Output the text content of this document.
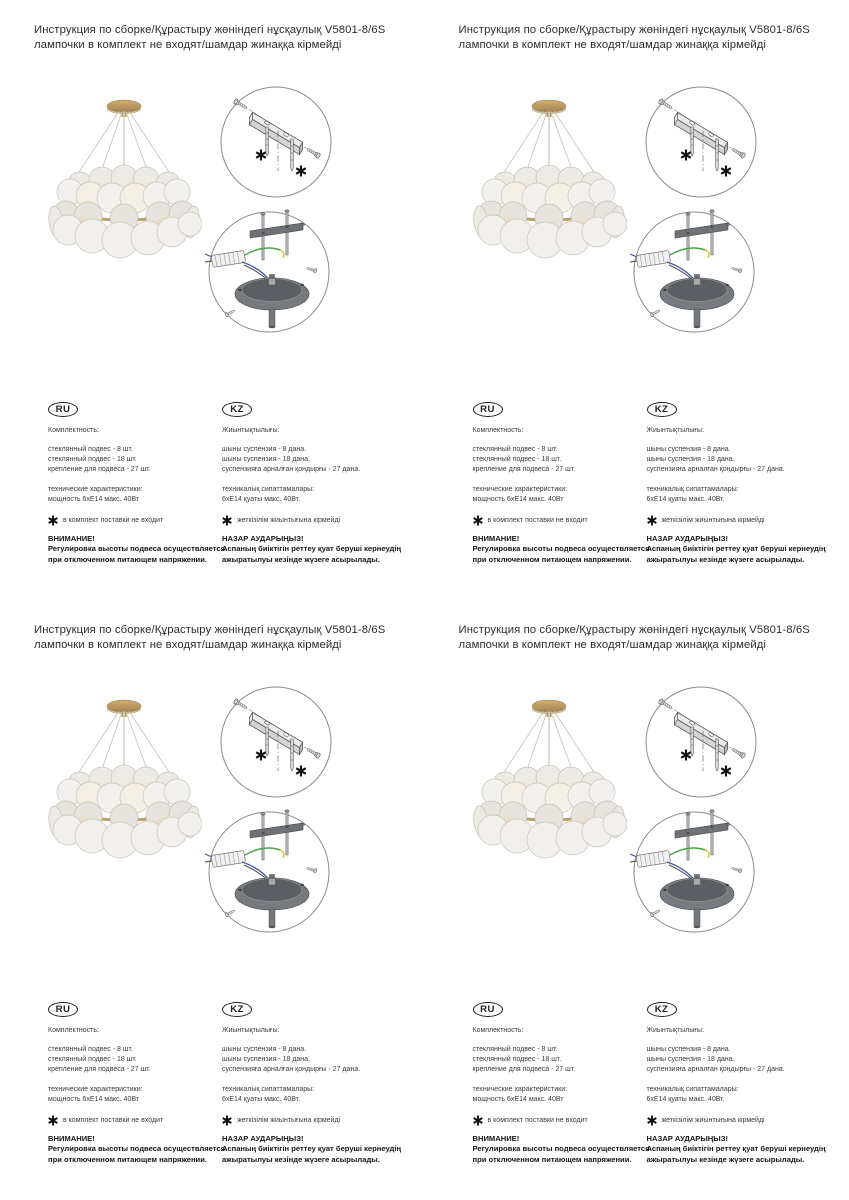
Инструкция по сборке/Құрастыру жөніндегі нұсқаулық V5801-8/6S
лампочки в комплект не входят/шамдар жинаққа кірмейді
RU
Комплектность:
стеклянный подвес - 8 шт.
стеклянный подвес - 18 шт.
крепление для подвеса - 27 шт.
технические характеристики:
мощность 6хЕ14 макс. 40Вт
в комплект поставки не входит
ВНИМАНИЕ!
Регулировка высоты подвеса осуществляется при отключенном питающем напряжении.
KZ
Жиынтықтылығы:
шыны суспензия - 8 дана.
шыны суспензия - 18 дана.
суспензияға арналған қондырғы - 27 дана.
техникалық сипаттамалары:
6хЕ14 қуаты макс. 40Вт.
жеткізілім жиынтығына кірмейді
НАЗАР АУДАРЫҢЫЗ!
Аспаның биіктігін реттеу қуат беруші кернеудің ажыратылуы кезінде жүзеге асырылады.
Инструкция по сборке/Құрастыру жөніндегі нұсқаулық V5801-8/6S
лампочки в комплект не входят/шамдар жинаққа кірмейді
RU
Комплектность:
стеклянный подвес - 8 шт.
стеклянный подвес - 18 шт.
крепление для подвеса - 27 шт.
технические характеристики:
мощность 6хЕ14 макс. 40Вт
в комплект поставки не входит
ВНИМАНИЕ!
Регулировка высоты подвеса осуществляется при отключенном питающем напряжении.
KZ
Жиынтықтылығы:
шыны суспензия - 8 дана.
шыны суспензия - 18 дана.
суспензияға арналған қондырғы - 27 дана.
техникалық сипаттамалары:
6хЕ14 қуаты макс. 40Вт.
жеткізілім жиынтығына кірмейді
НАЗАР АУДАРЫҢЫЗ!
Аспаның биіктігін реттеу қуат беруші кернеудің ажыратылуы кезінде жүзеге асырылады.
Инструкция по сборке/Құрастыру жөніндегі нұсқаулық V5801-8/6S
лампочки в комплект не входят/шамдар жинаққа кірмейді
RU
Комплектность:
стеклянный подвес - 8 шт.
стеклянный подвес - 18 шт.
крепление для подвеса - 27 шт.
технические характеристики:
мощность 6хЕ14 макс. 40Вт
в комплект поставки не входит
ВНИМАНИЕ!
Регулировка высоты подвеса осуществляется при отключенном питающем напряжении.
KZ
Жиынтықтылығы:
шыны суспензия - 8 дана.
шыны суспензия - 18 дана.
суспензияға арналған қондырғы - 27 дана.
техникалық сипаттамалары:
6хЕ14 қуаты макс. 40Вт.
жеткізілім жиынтығына кірмейді
НАЗАР АУДАРЫҢЫЗ!
Аспаның биіктігін реттеу қуат беруші кернеудің ажыратылуы кезінде жүзеге асырылады.
Инструкция по сборке/Құрастыру жөніндегі нұсқаулық V5801-8/6S
лампочки в комплект не входят/шамдар жинаққа кірмейді
RU
Комплектность:
стеклянный подвес - 8 шт.
стеклянный подвес - 18 шт.
крепление для подвеса - 27 шт.
технические характеристики:
мощность 6хЕ14 макс. 40Вт
в комплект поставки не входит
ВНИМАНИЕ!
Регулировка высоты подвеса осуществляется при отключенном питающем напряжении.
KZ
Жиынтықтылығы:
шыны суспензия - 8 дана.
шыны суспензия - 18 дана.
суспензияға арналған қондырғы - 27 дана.
техникалық сипаттамалары:
6хЕ14 қуаты макс. 40Вт.
жеткізілім жиынтығына кірмейді
НАЗАР АУДАРЫҢЫЗ!
Аспаның биіктігін реттеу қуат беруші кернеудің ажыратылуы кезінде жүзеге асырылады.
